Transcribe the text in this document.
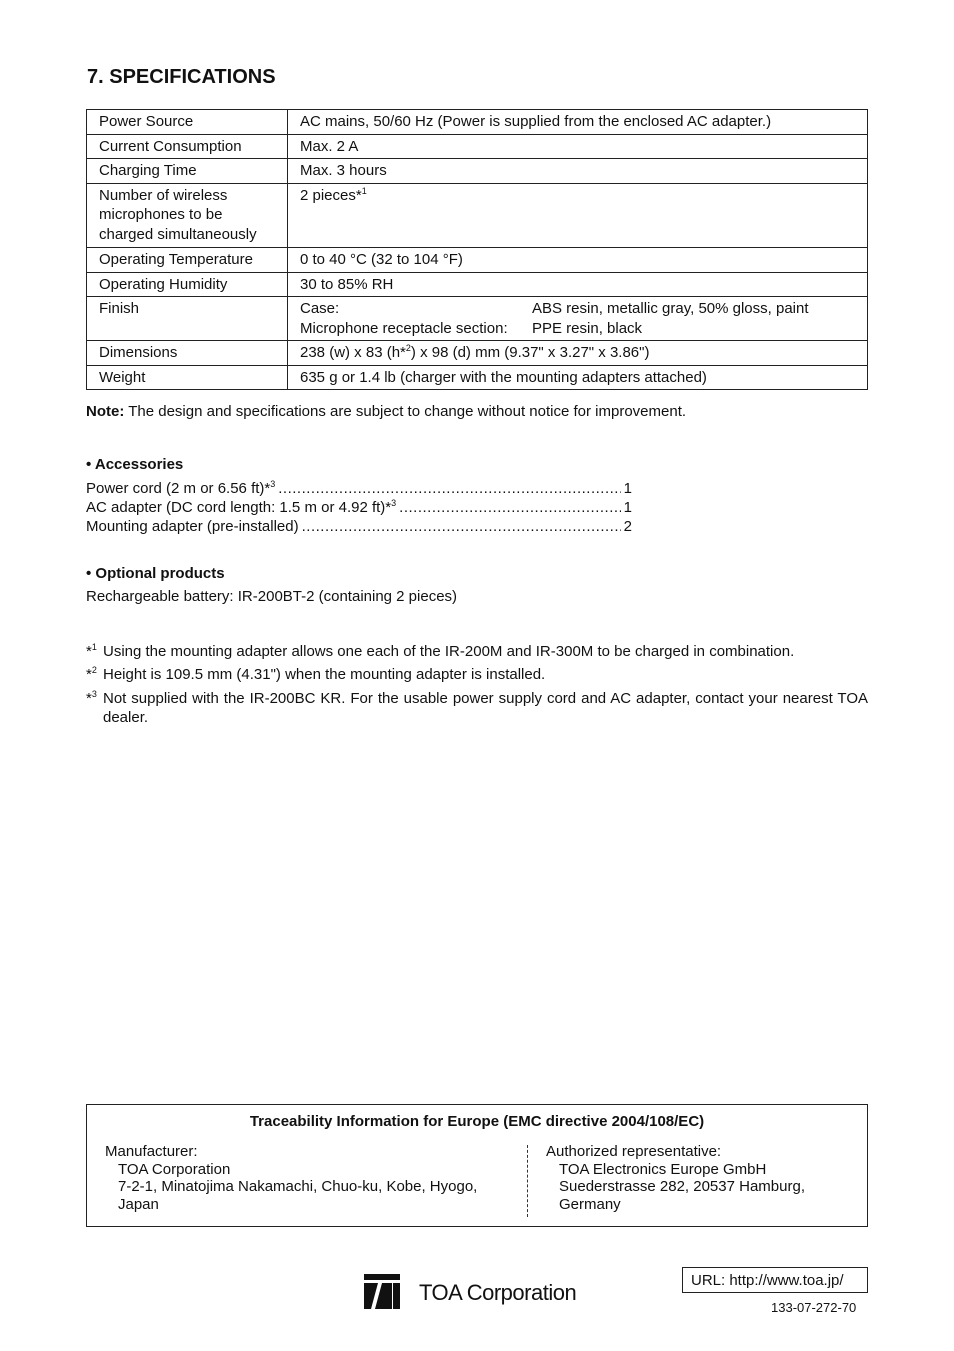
7. SPECIFICATIONS
Power Source	AC mains, 50/60 Hz (Power is supplied from the enclosed AC adapter.)
Current Consumption	Max. 2 A
Charging Time	Max. 3 hours
Number of wireless microphones to be charged simultaneously	2 pieces*$^1$
Operating Temperature	0 to 40 °C (32 to 104 °F)
Operating Humidity	30 to 85% RH
Finish	Case: ABS resin, metallic gray, 50% gloss, paint
Microphone receptacle section: PPE resin, black

Dimensions	238 (w) x 83 (h*$^2$) x 98 (d) mm (9.37" x 3.27" x 3.86")
Weight	635 g or 1.4 lb (charger with the mounting adapters attached)

Note: The design and specifications are subject to change without notice for improvement.

• Accessories
Power cord (2 m or 6.56 ft)*$^3$ .....	1
AC adapter (DC cord length: 1.5 m or 4.92 ft)*$^3$ .....	1
Mounting adapter (pre-installed) .....	2
• Optional products
Rechargeable battery: IR-200BT-2 (containing 2 pieces)
*$^1$ Using the mounting adapter allows one each of the IR-200M and IR-300M to be charged in combination.
*$^2$ Height is 109.5 mm (4.31") when the mounting adapter is installed.
*$^3$ Not supplied with the IR-200BC KR. For the usable power supply cord and AC adapter, contact your nearest TOA dealer.
Traceability Information for Europe (EMC directive 2004/108/EC)
Manufacturer:
TOA Corporation
7-2-1, Minatojima Nakamachi, Chuo-ku, Kobe, Hyogo,
Japan
Authorized representative:
TOA Electronics Europe GmbH
Suederstrasse 282, 20537 Hamburg,
Germany
TOA Corporation	URL: http://www.toa.jp/
133-07-272-70
